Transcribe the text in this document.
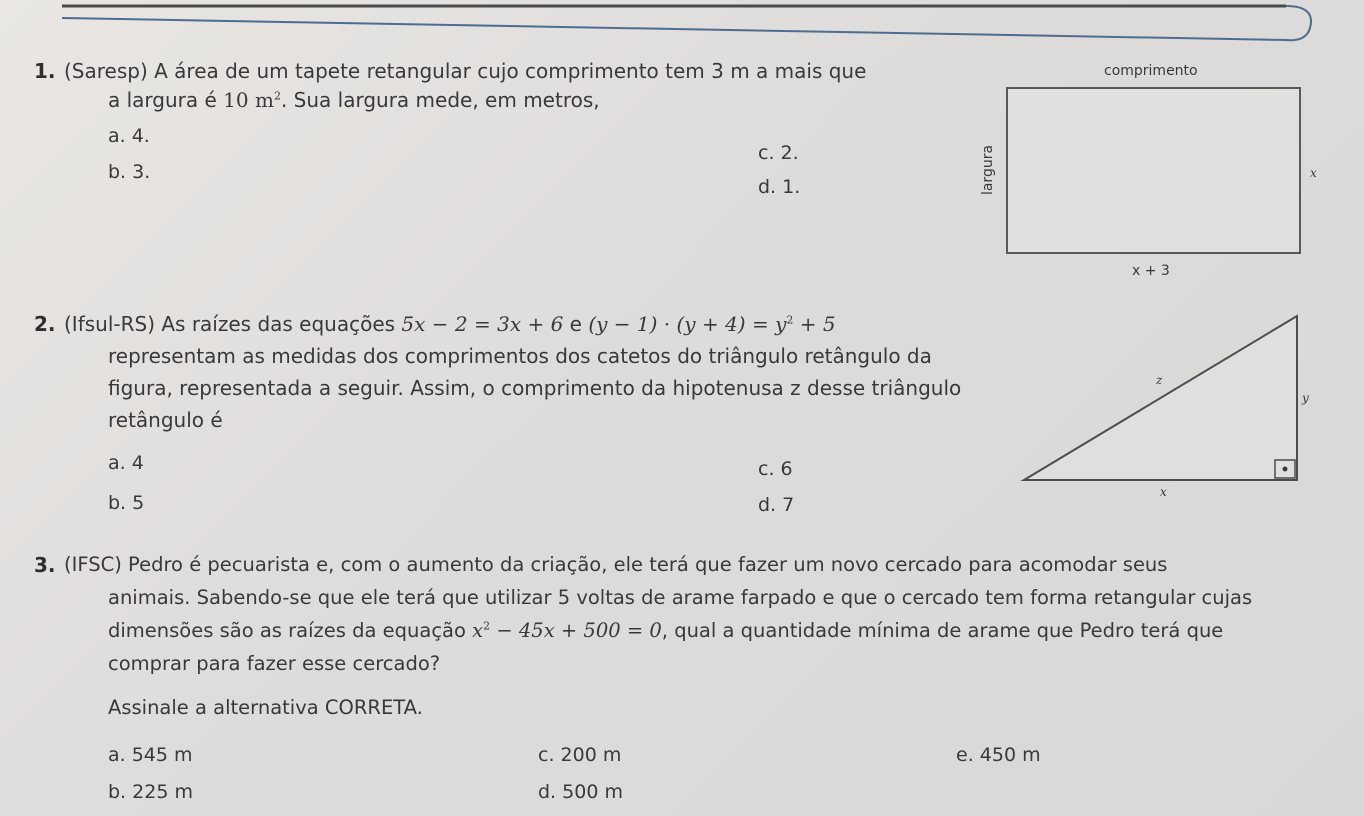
1. (Saresp) A área de um tapete retangular cujo comprimento tem 3 m a mais que
a largura é 10 $m^2$. Sua largura mede, em metros,
a. 4.
b. 3.
c. 2.
d. 1.
comprimento
largura	x
x + 3
2. (Ifsul-RS) As raízes das equações 5x − 2 = 3x + 6 e $(y - 1) \cdot (y + 4) = y^2 + 5$
representam as medidas dos comprimentos dos catetos do triângulo retângulo da
figura, representada a seguir. Assim, o comprimento da hipotenusa z desse triângulo
retângulo é
a. 4
b. 5
c. 6
d. 7
z
y
x
3. (IFSC) Pedro é pecuarista e, com o aumento da criação, ele terá que fazer um novo cercado para acomodar seus
animais. Sabendo-se que ele terá que utilizar 5 voltas de arame farpado e que o cercado tem forma retangular cujas
dimensões são as raízes da equação $x^2 - 45x + 500 = 0$, qual a quantidade mínima de arame que Pedro terá que
comprar para fazer esse cercado?
Assinale a alternativa CORRETA.
a. 545 m
b. 225 m
c. 200 m
d. 500 m
e. 450 m
